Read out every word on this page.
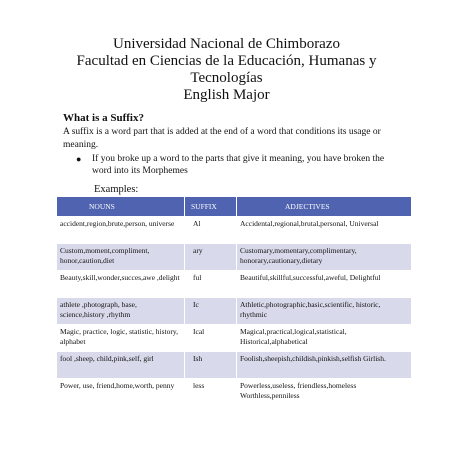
Universidad Nacional de Chimborazo
Facultad en Ciencias de la Educación, Humanas y
Tecnologías
English Major
What is a Suffix?
A suffix is a word part that is added at the end of a word that conditions its usage or meaning.
● If you broke up a word to the parts that give it meaning, you have broken the word into its Morphemes
Examples:
NOUNS	SUFFIX	ADJECTIVES
accident,region,brute,person, universe	Al	Accidental,regional,brutal,personal, Universal
Custom,moment,compliment, honor,caution,diet	ary	Customary,momentary,complimentary, honorary,cautionary,dietary
Beauty,skill,wonder,succes,awe ,delight	ful	Beautiful,skillful,successful,aweful, Delightful
athlete ,photograph, base, science,history ,rhythm	Ic	Athletic,photographic,basic,scientific, historic, rhythmic
Magic, practice, logic, statistic, history, alphabet	Ical	Magical,practical,logical,statistical, Historical,alphabetical
fool ,sheep, child,pink,self, girl	Ish	Foolish,sheepish,childish,pinkish,selfish Girlish.
Power, use, friend,home,worth, penny	less	Powerless,useless, friendless,homeless Worthless,penniless
